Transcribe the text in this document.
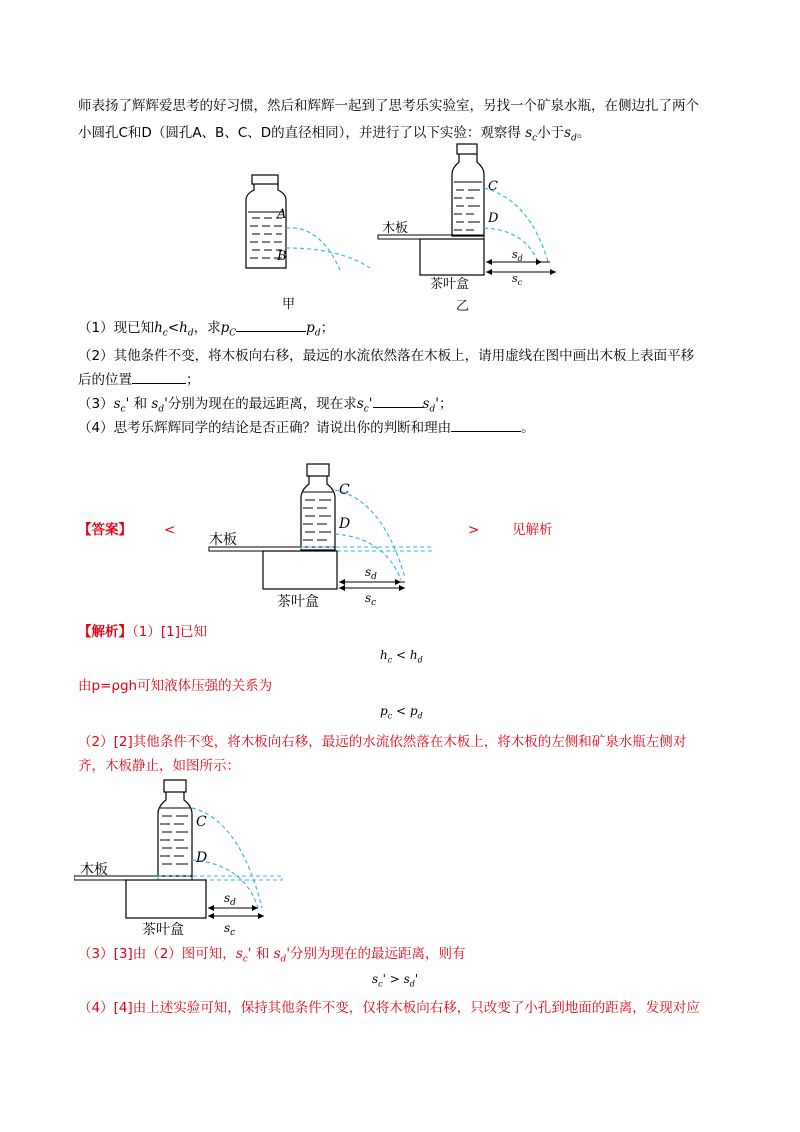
师表扬了辉辉爱思考的好习惯，然后和辉辉一起到了思考乐实验室，另找一个矿泉水瓶，在侧边扎了两个
小圆孔C和D（圆孔A、B、C、D的直径相同），并进行了以下实验：观察得 $s_c$小于$s_d$。
A
B
C
D
木板
茶叶盒
$s_d$
$s_c$
甲	乙
（1）现已知$h_c<h_d$，求$p_C$	$p_d$；
（2）其他条件不变，将木板向右移，最远的水流依然落在木板上，请用虚线在图中画出木板上表面平移
后的位置	；
$(3)s_c'$ 和 $s_d'$分别为现在的最远距离，现在求$s_c'$	$s_d'$；
（4）思考乐辉辉同学的结论是否正确？请说出你的判断和理由	。
【答案】 <	> 见解析
C
D
木板
茶叶盒
$s_d$
$s_c$
【解析】（1）[1]已知
$h_c < h_d$
由p=ρgh可知液体压强的关系为
$p_c < p_d$
（2）[2]其他条件不变，将木板向右移，最远的水流依然落在木板上，将木板的左侧和矿泉水瓶左侧对
齐，木板静止，如图所示：
C
D
木板
茶叶盒
$s_d$
$s_c$
（3）[3]由（2）图可知，$s_c'$ 和 $s_d'$分别为现在的最远距离，则有
$s_c' > s_d'$
（4）[4]由上述实验可知，保持其他条件不变，仅将木板向右移，只改变了小孔到地面的距离，发现对应
